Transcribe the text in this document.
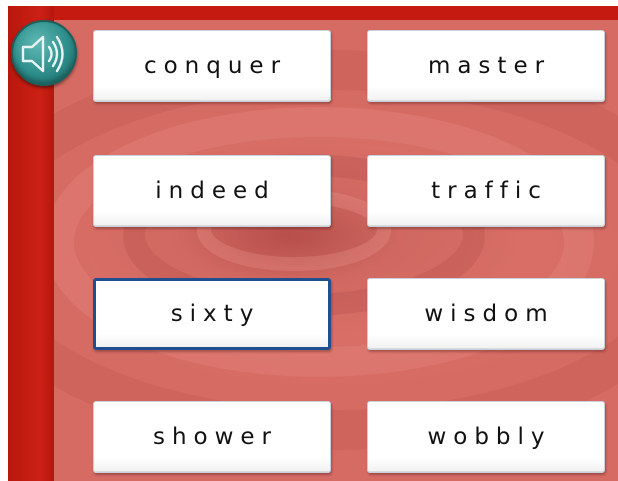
conquer	master
indeed	traffic
sixty	wisdom
shower	wobbly
